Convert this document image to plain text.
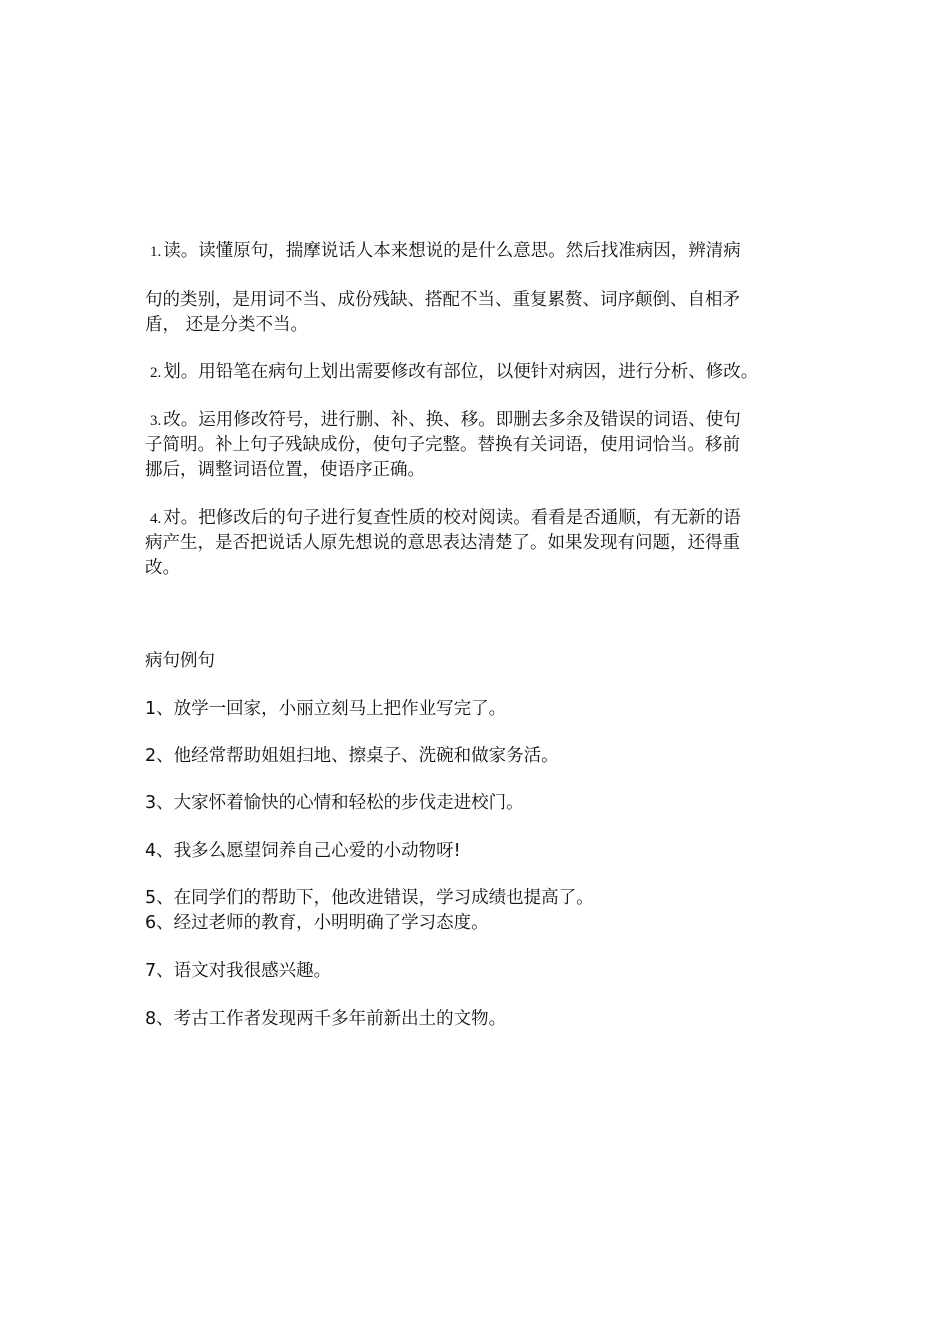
1. 读。读懂原句，揣摩说话人本来想说的是什么意思。然后找准病因，辨清病
句的类别，是用词不当、成份残缺、搭配不当、重复累赘、词序颠倒、自相矛
盾， 还是分类不当。
2. 划。用铅笔在病句上划出需要修改有部位，以便针对病因，进行分析、修改。
3. 改。运用修改符号，进行删、补、换、移。即删去多余及错误的词语、使句
子简明。补上句子残缺成份，使句子完整。替换有关词语，使用词恰当。移前
挪后，调整词语位置，使语序正确。
4. 对。把修改后的句子进行复查性质的校对阅读。看看是否通顺，有无新的语
病产生，是否把说话人原先想说的意思表达清楚了。如果发现有问题，还得重
改。
病句例句
1、放学一回家，小丽立刻马上把作业写完了。
2、他经常帮助姐姐扫地、擦桌子、洗碗和做家务活。
3、大家怀着愉快的心情和轻松的步伐走进校门。
4、我多么愿望饲养自己心爱的小动物呀!
5、在同学们的帮助下，他改进错误，学习成绩也提高了。
6、经过老师的教育，小明明确了学习态度。
7、语文对我很感兴趣。
8、考古工作者发现两千多年前新出土的文物。
